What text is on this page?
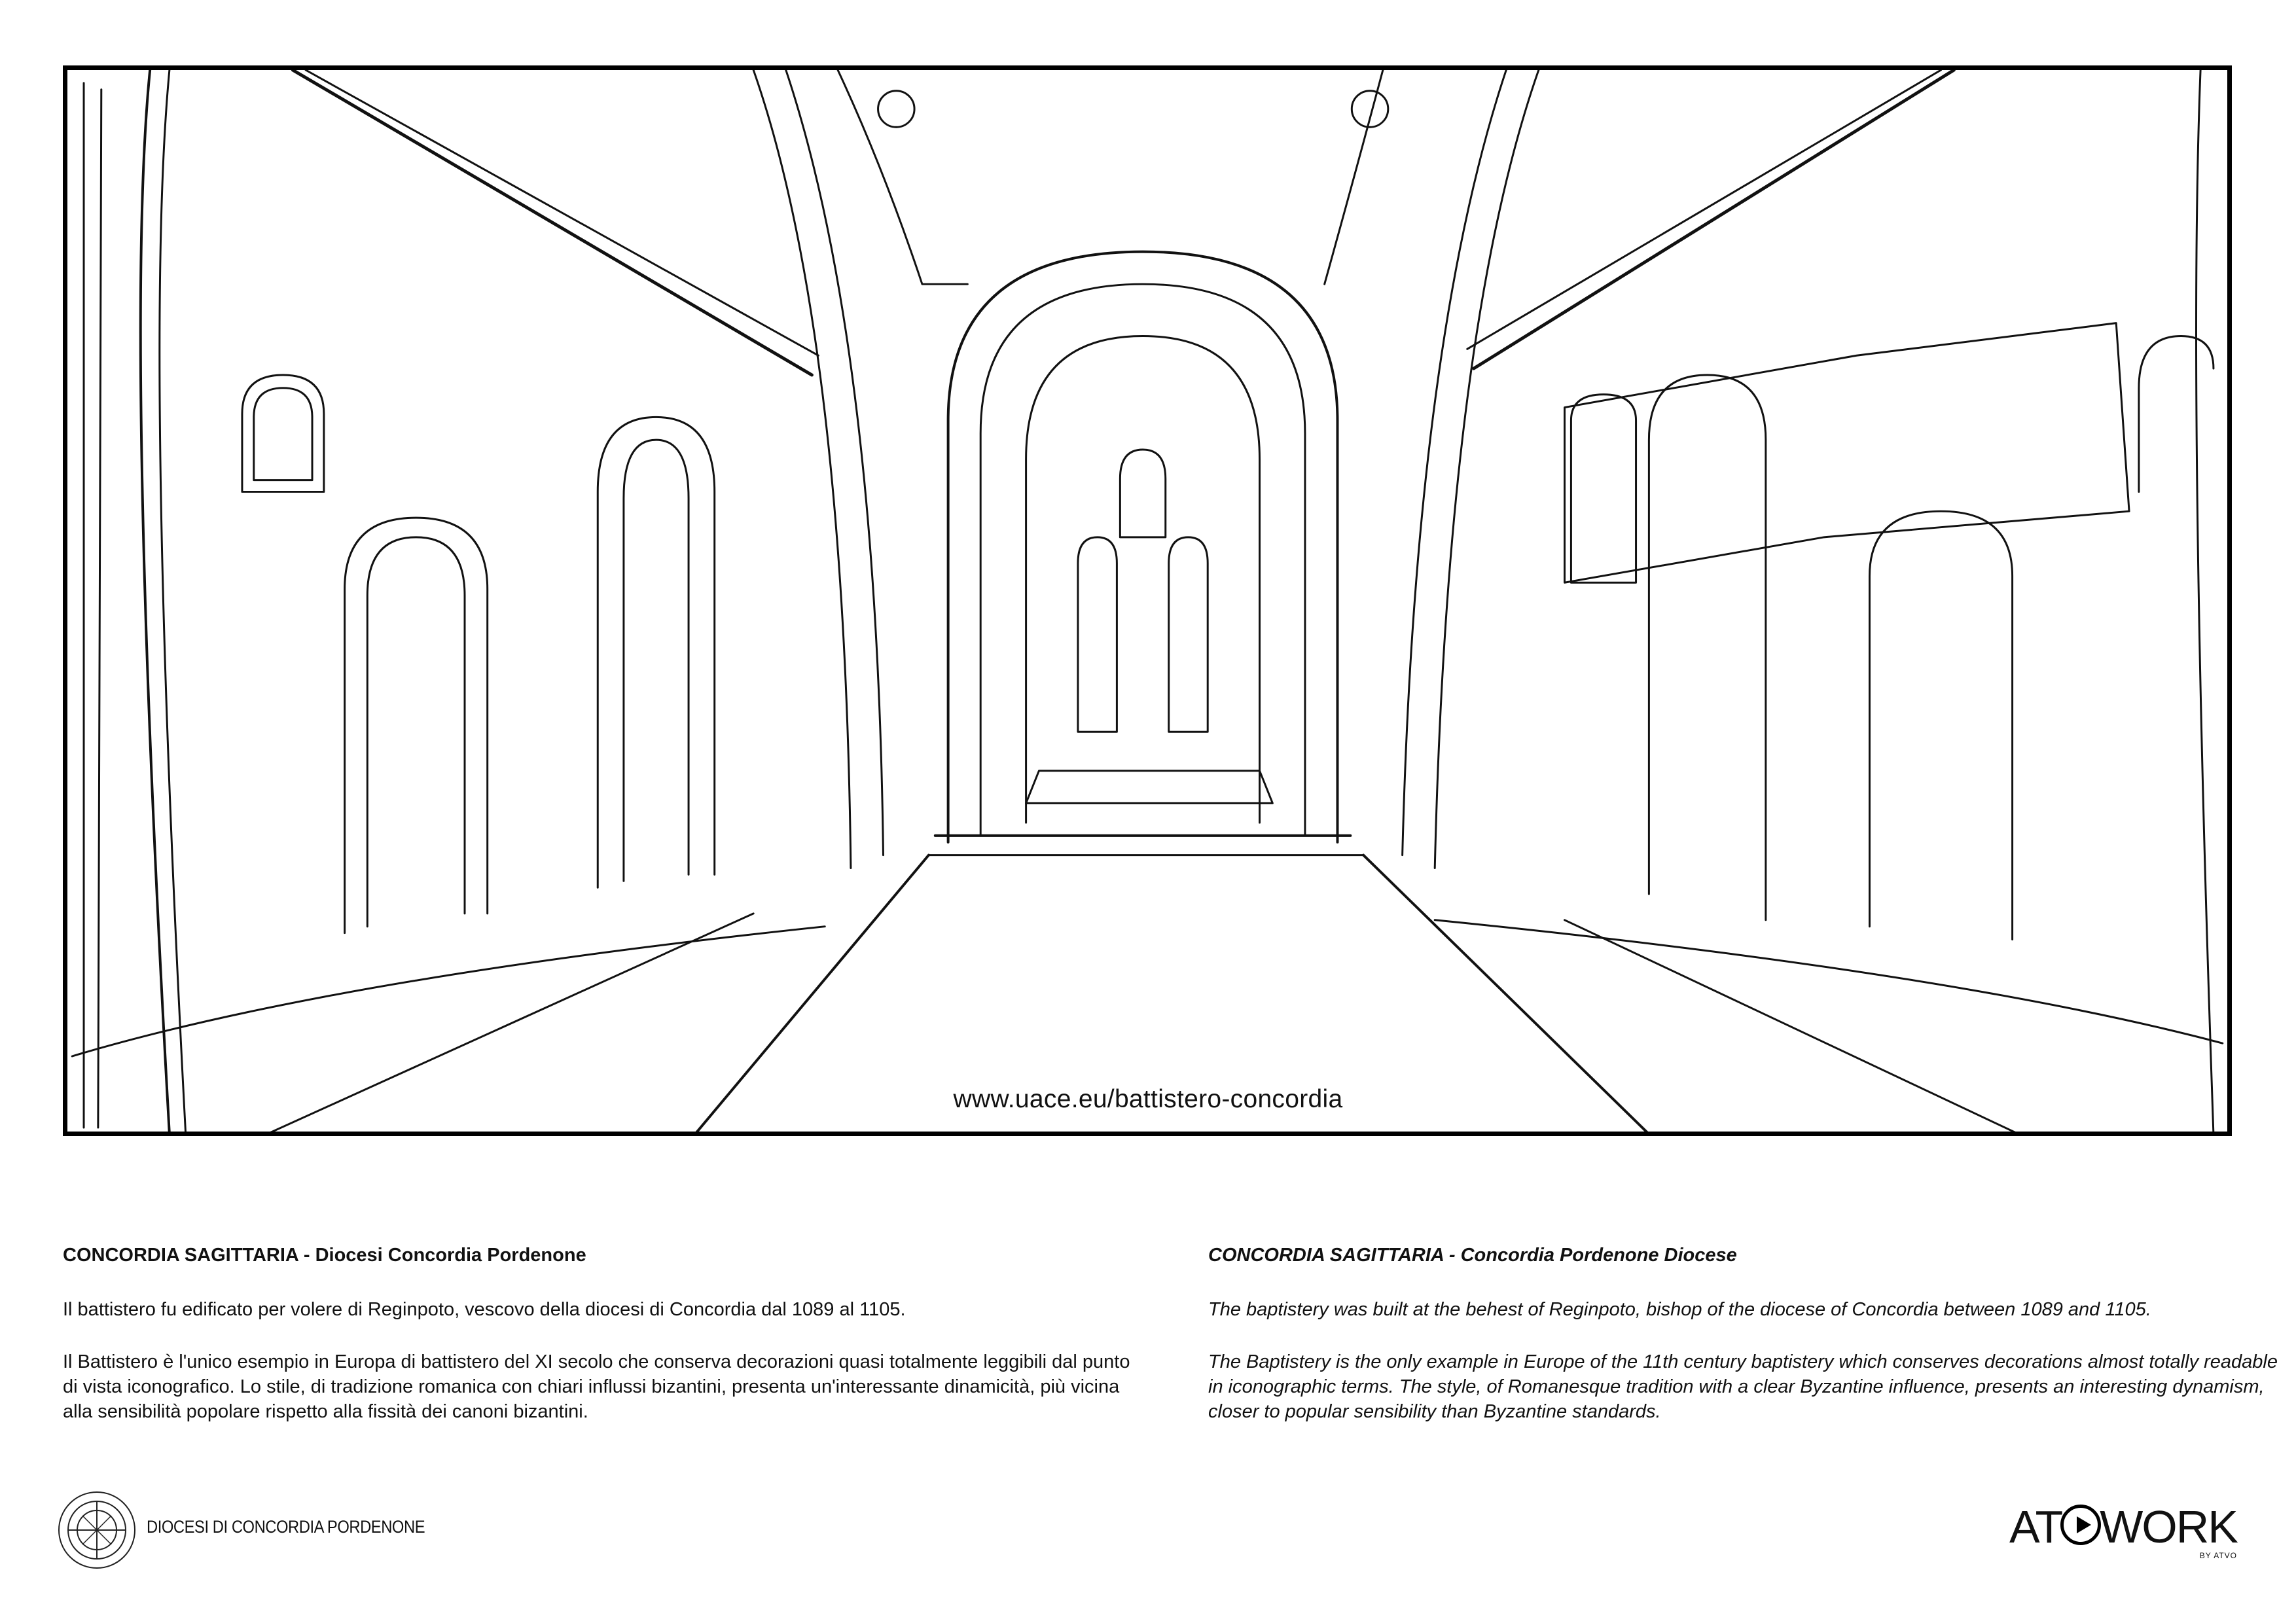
www.uace.eu/battistero-concordia
CONCORDIA SAGITTARIA - Diocesi Concordia Pordenone

Il battistero fu edificato per volere di Reginpoto, vescovo della diocesi di Concordia dal 1089 al 1105.

Il Battistero è l'unico esempio in Europa di battistero del XI secolo che conserva decorazioni quasi totalmente leggibili dal punto di vista iconografico. Lo stile, di tradizione romanica con chiari influssi bizantini, presenta un'interessante dinamicità, più vicina alla sensibilità popolare rispetto alla fissità dei canoni bizantini.

CONCORDIA SAGITTARIA - Concordia Pordenone Diocese

The baptistery was built at the behest of Reginpoto, bishop of the diocese of Concordia between 1089 and 1105.

The Baptistery is the only example in Europe of the 11th century baptistery which conserves decorations almost totally readable in iconographic terms. The style, of Romanesque tradition with a clear Byzantine influence, presents an interesting dynamism, closer to popular sensibility than Byzantine standards.

DIOCESI DI CONCORDIA PORDENONE	AT WORK
BY ATVO
